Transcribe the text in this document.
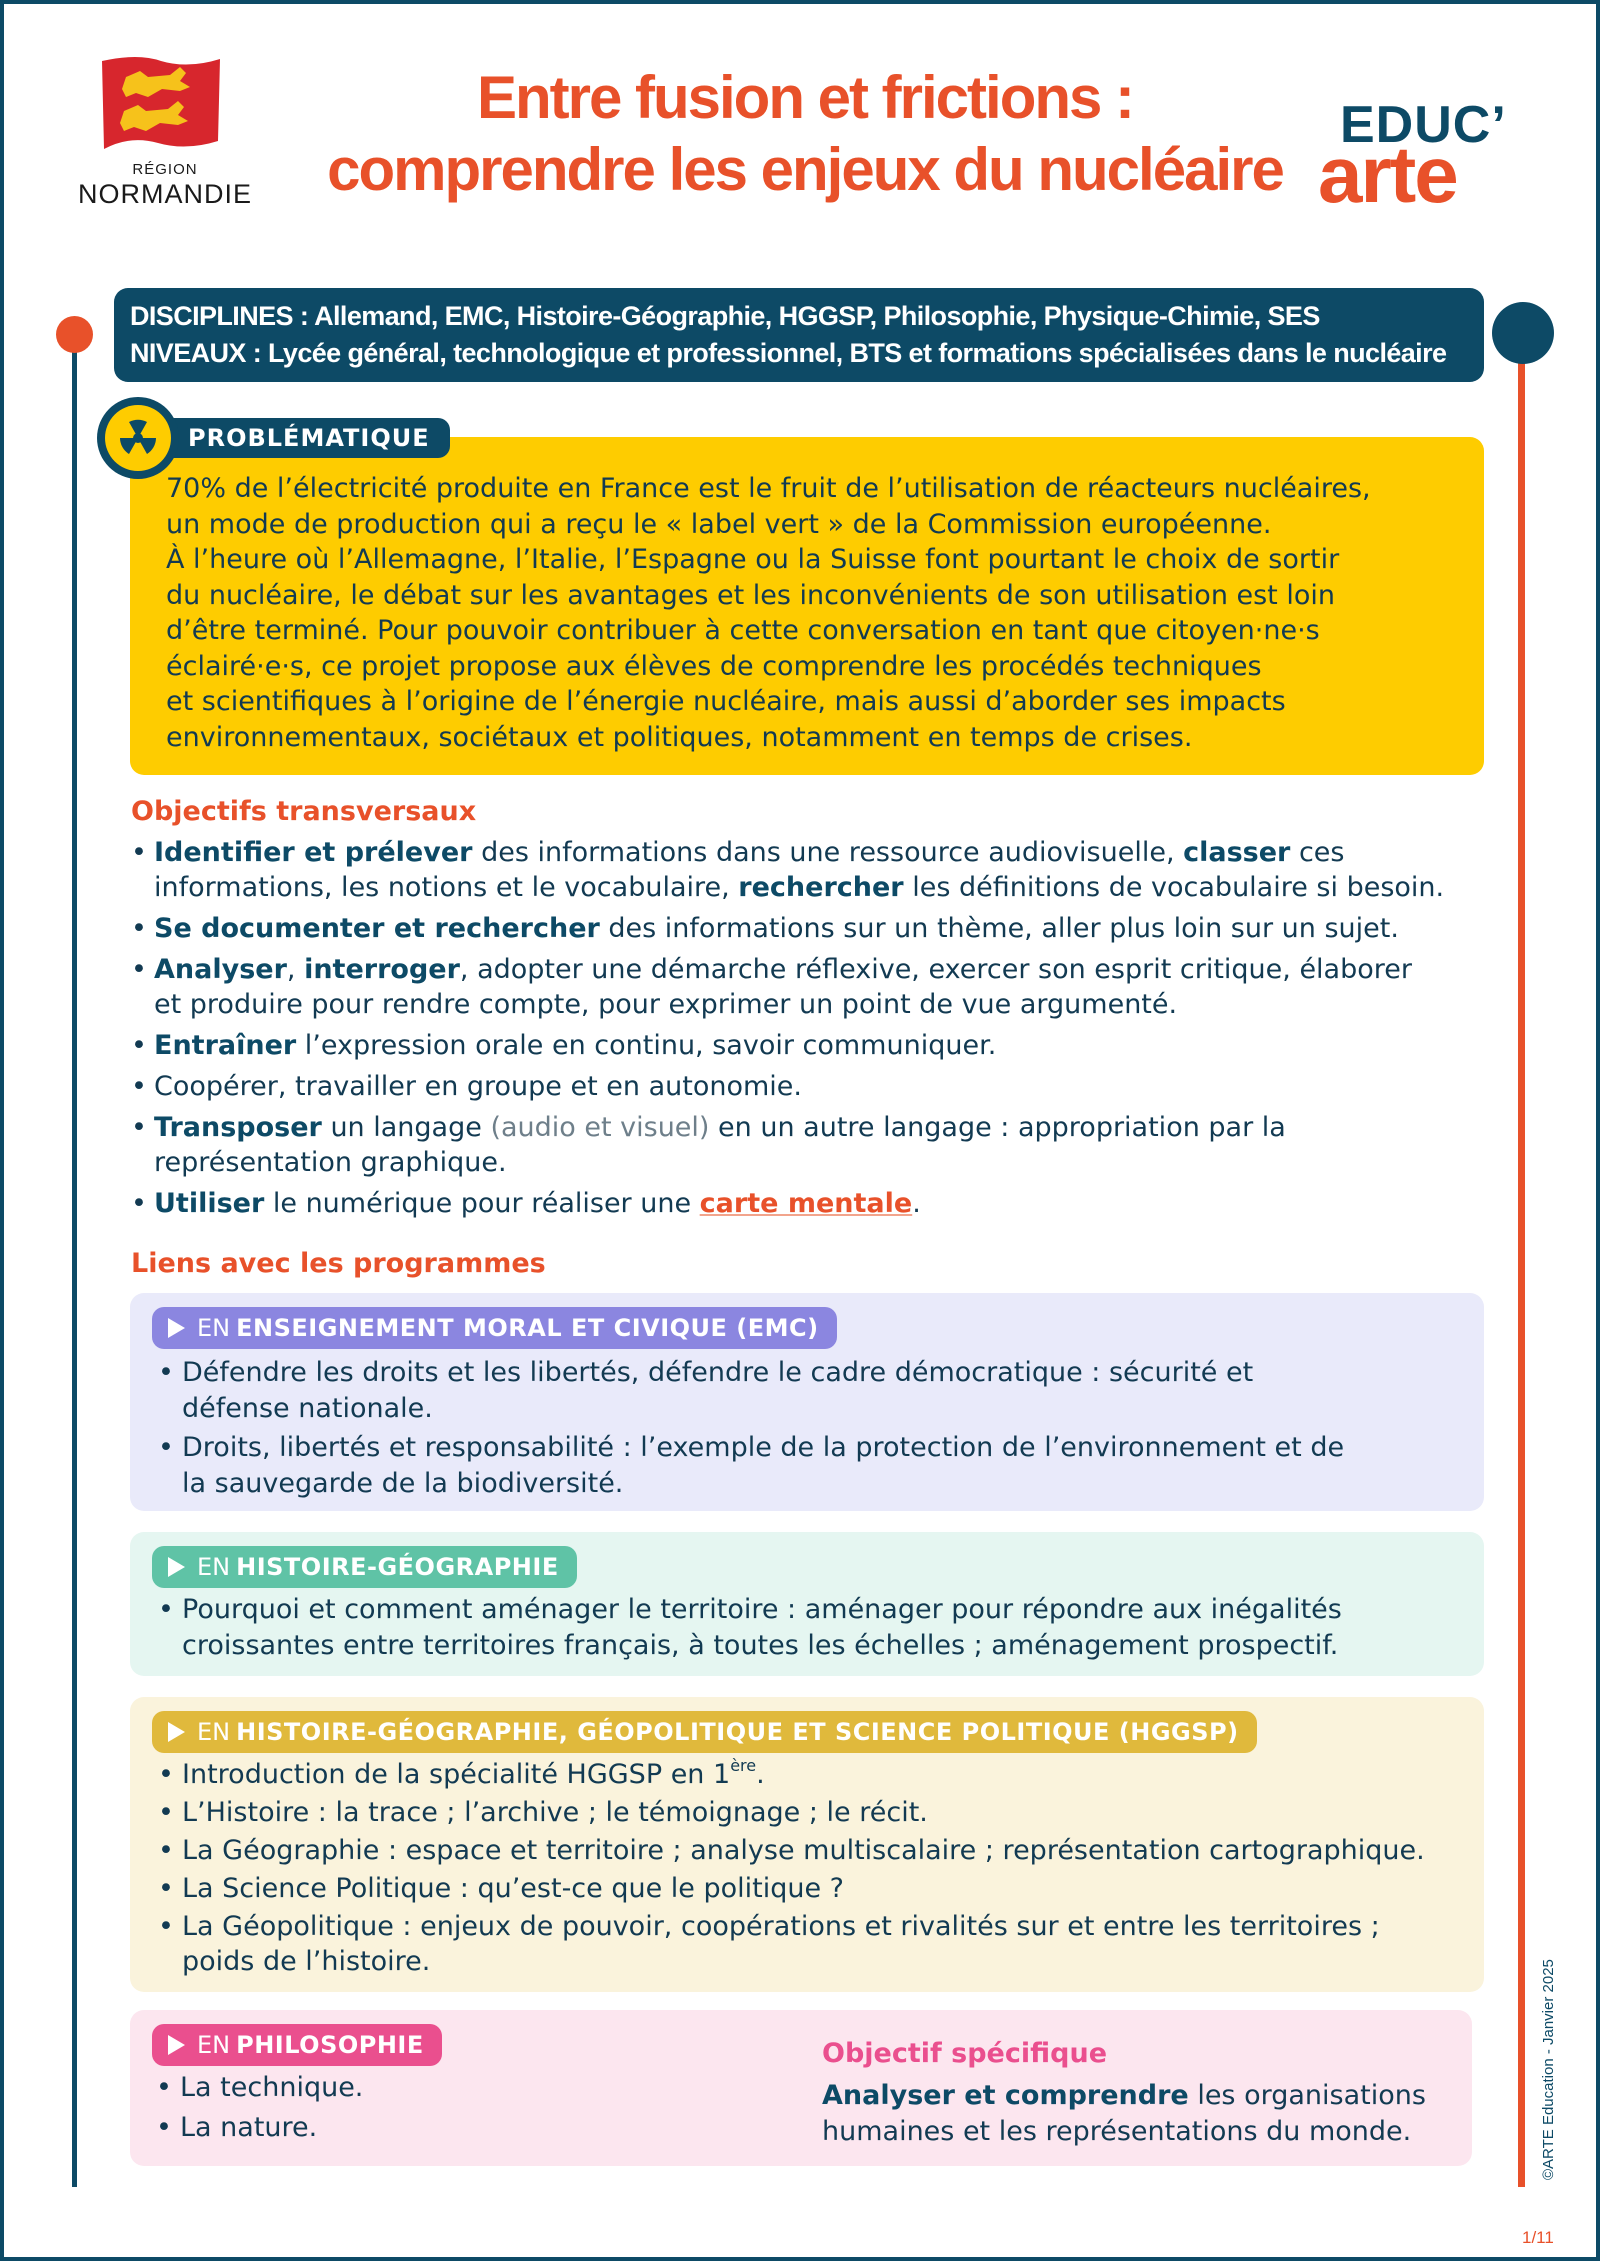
RÉGION
NORMANDIE
Entre fusion et frictions :
comprendre les enjeux du nucléaire
EDUC’
arte
DISCIPLINES : Allemand, EMC, Histoire-Géographie, HGGSP, Philosophie, Physique-Chimie, SES
NIVEAUX : Lycée général, technologique et professionnel, BTS et formations spécialisées dans le nucléaire
70% de l’électricité produite en France est le fruit de l’utilisation de réacteurs nucléaires,
un mode de production qui a reçu le « label vert » de la Commission européenne.
À l’heure où l’Allemagne, l’Italie, l’Espagne ou la Suisse font pourtant le choix de sortir
du nucléaire, le débat sur les avantages et les inconvénients de son utilisation est loin
d’être terminé. Pour pouvoir contribuer à cette conversation en tant que citoyen·ne·s
éclairé·e·s, ce projet propose aux élèves de comprendre les procédés techniques
et scientifiques à l’origine de l’énergie nucléaire, mais aussi d’aborder ses impacts
environnementaux, sociétaux et politiques, notamment en temps de crises.
PROBLÉMATIQUE
Objectifs transversaux
• Identifier et prélever des informations dans une ressource audiovisuelle, classer ces
informations, les notions et le vocabulaire, rechercher les définitions de vocabulaire si besoin.
• Se documenter et rechercher des informations sur un thème, aller plus loin sur un sujet.
• Analyser, interroger, adopter une démarche réflexive, exercer son esprit critique, élaborer
et produire pour rendre compte, pour exprimer un point de vue argumenté.
• Entraîner l’expression orale en continu, savoir communiquer.
• Coopérer, travailler en groupe et en autonomie.
• Transposer un langage (audio et visuel) en un autre langage : appropriation par la
représentation graphique.
• Utiliser le numérique pour réaliser une carte mentale.
Liens avec les programmes
EN ENSEIGNEMENT MORAL ET CIVIQUE (EMC)
• Défendre les droits et les libertés, défendre le cadre démocratique : sécurité et
défense nationale.
• Droits, libertés et responsabilité : l’exemple de la protection de l’environnement et de
la sauvegarde de la biodiversité.
EN HISTOIRE-GÉOGRAPHIE
• Pourquoi et comment aménager le territoire : aménager pour répondre aux inégalités
croissantes entre territoires français, à toutes les échelles ; aménagement prospectif.
EN HISTOIRE-GÉOGRAPHIE, GÉOPOLITIQUE ET SCIENCE POLITIQUE (HGGSP)
• Introduction de la spécialité HGGSP en 1ère.
• L’Histoire : la trace ; l’archive ; le témoignage ; le récit.
• La Géographie : espace et territoire ; analyse multiscalaire ; représentation cartographique.
• La Science Politique : qu’est-ce que le politique ?
• La Géopolitique : enjeux de pouvoir, coopérations et rivalités sur et entre les territoires ;
poids de l’histoire.
EN PHILOSOPHIE
• La technique.
• La nature.
Objectif spécifique
Analyser et comprendre les organisations
humaines et les représentations du monde.	©ARTE Education - Janvier 2025
1/11
